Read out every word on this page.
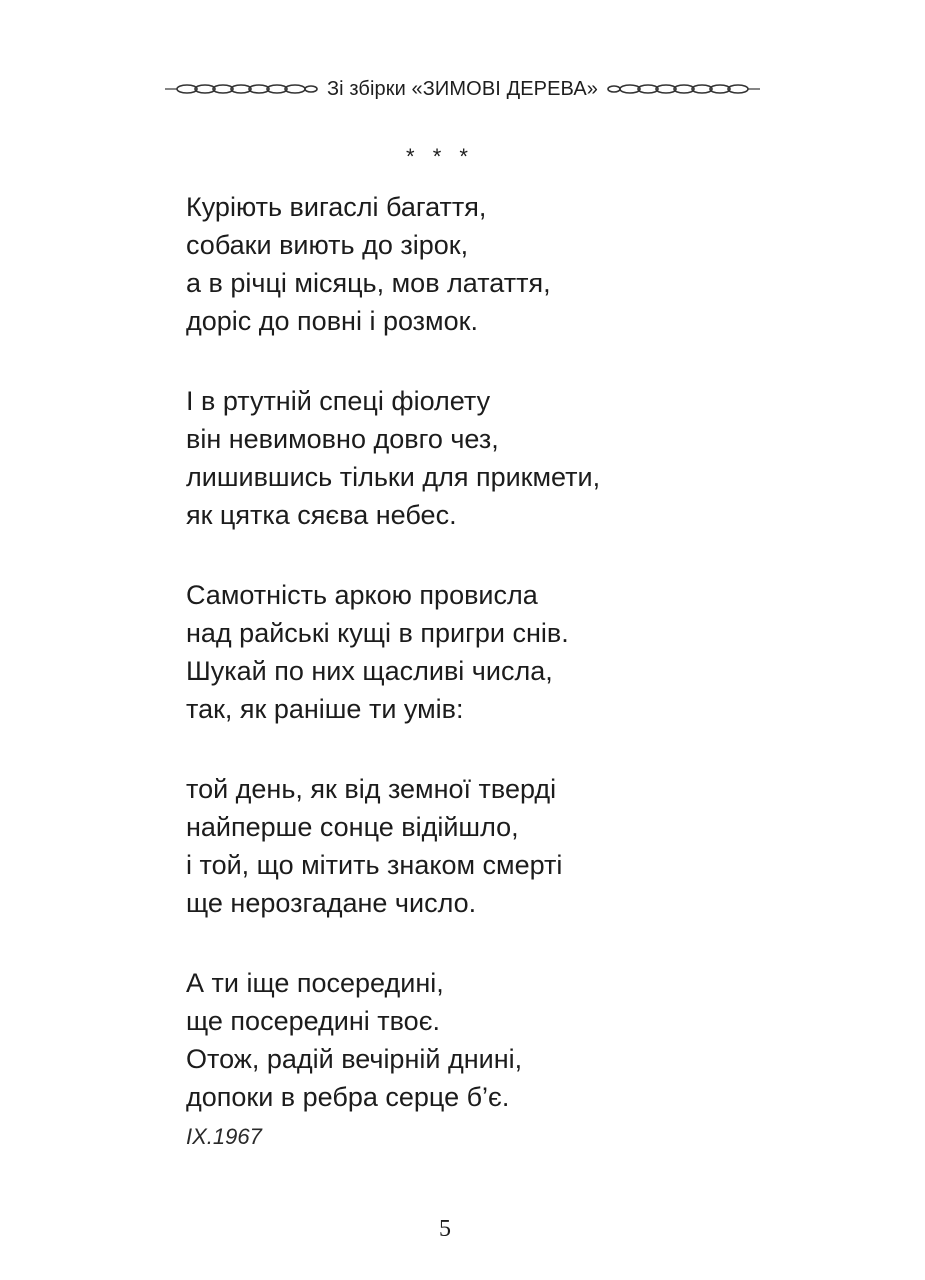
Зі збірки «ЗИМОВІ ДЕРЕВА»
* * *
Куріють вигаслі багаття,
собаки виють до зірок,
а в річці місяць, мов латаття,
доріс до повні і розмок.
І в ртутній спеці фіолету
він невимовно довго чез,
лишившись тільки для прикмети,
як цятка сяєва небес.
Самотність аркою провисла
над райські кущі в пригри снів.
Шукай по них щасливі числа,
так, як раніше ти умів:
той день, як від земної тверді
найперше сонце відійшло,
і той, що мітить знаком смерті
ще нерозгадане число.
А ти іще посередині,
ще посередині твоє.
Отож, радій вечірній днині,
допоки в ребра серце б’є.
IX.1967
5
